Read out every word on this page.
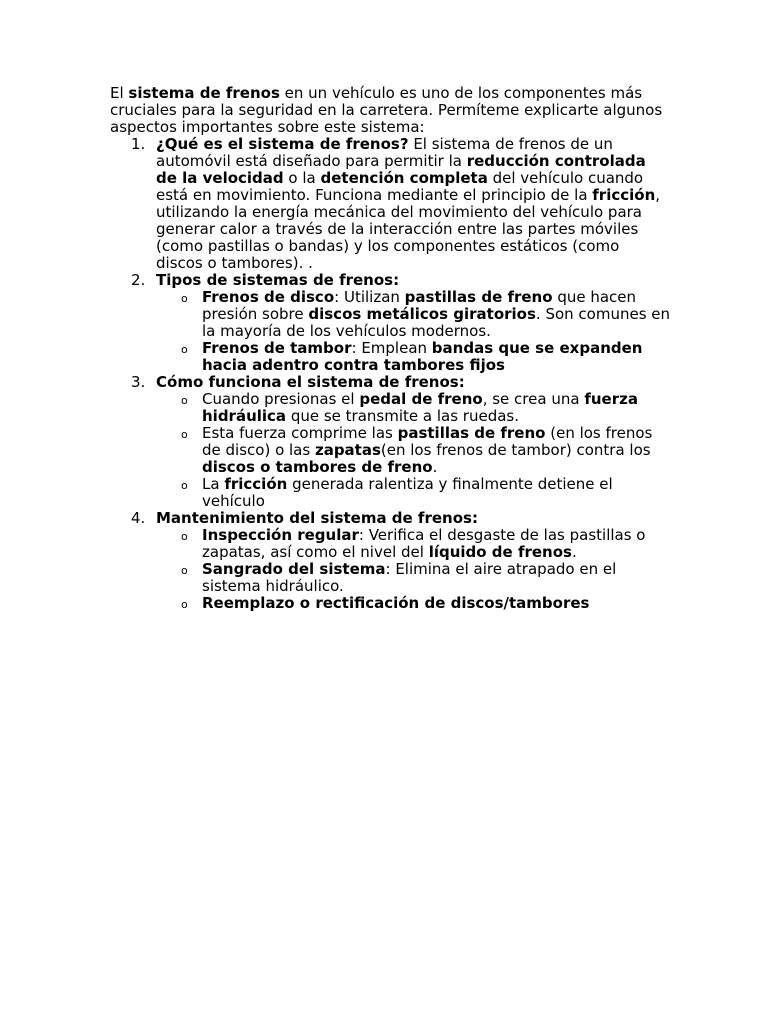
El sistema de frenos en un vehículo es uno de los componentes más cruciales para la seguridad en la carretera. Permíteme explicarte algunos aspectos importantes sobre este sistema:

1. ¿Qué es el sistema de frenos? El sistema de frenos de un automóvil está diseñado para permitir la reducción controlada de la velocidad o la detención completa del vehículo cuando está en movimiento. Funciona mediante el principio de la fricción, utilizando la energía mecánica del movimiento del vehículo para generar calor a través de la interacción entre las partes móviles (como pastillas o bandas) y los componentes estáticos (como discos o tambores). .
2. Tipos de sistemas de frenos:
o Frenos de disco: Utilizan pastillas de freno que hacen presión sobre discos metálicos giratorios. Son comunes en la mayoría de los vehículos modernos.
o Frenos de tambor: Emplean bandas que se expanden hacia adentro contra tambores fijos
3. Cómo funciona el sistema de frenos:
o Cuando presionas el pedal de freno, se crea una fuerza hidráulica que se transmite a las ruedas.
o Esta fuerza comprime las pastillas de freno (en los frenos de disco) o las zapatas(en los frenos de tambor) contra los discos o tambores de freno.
o La fricción generada ralentiza y finalmente detiene el vehículo
4. Mantenimiento del sistema de frenos:
o Inspección regular: Verifica el desgaste de las pastillas o zapatas, así como el nivel del líquido de frenos.
o Sangrado del sistema: Elimina el aire atrapado en el sistema hidráulico.
o Reemplazo o rectificación de discos/tambores
